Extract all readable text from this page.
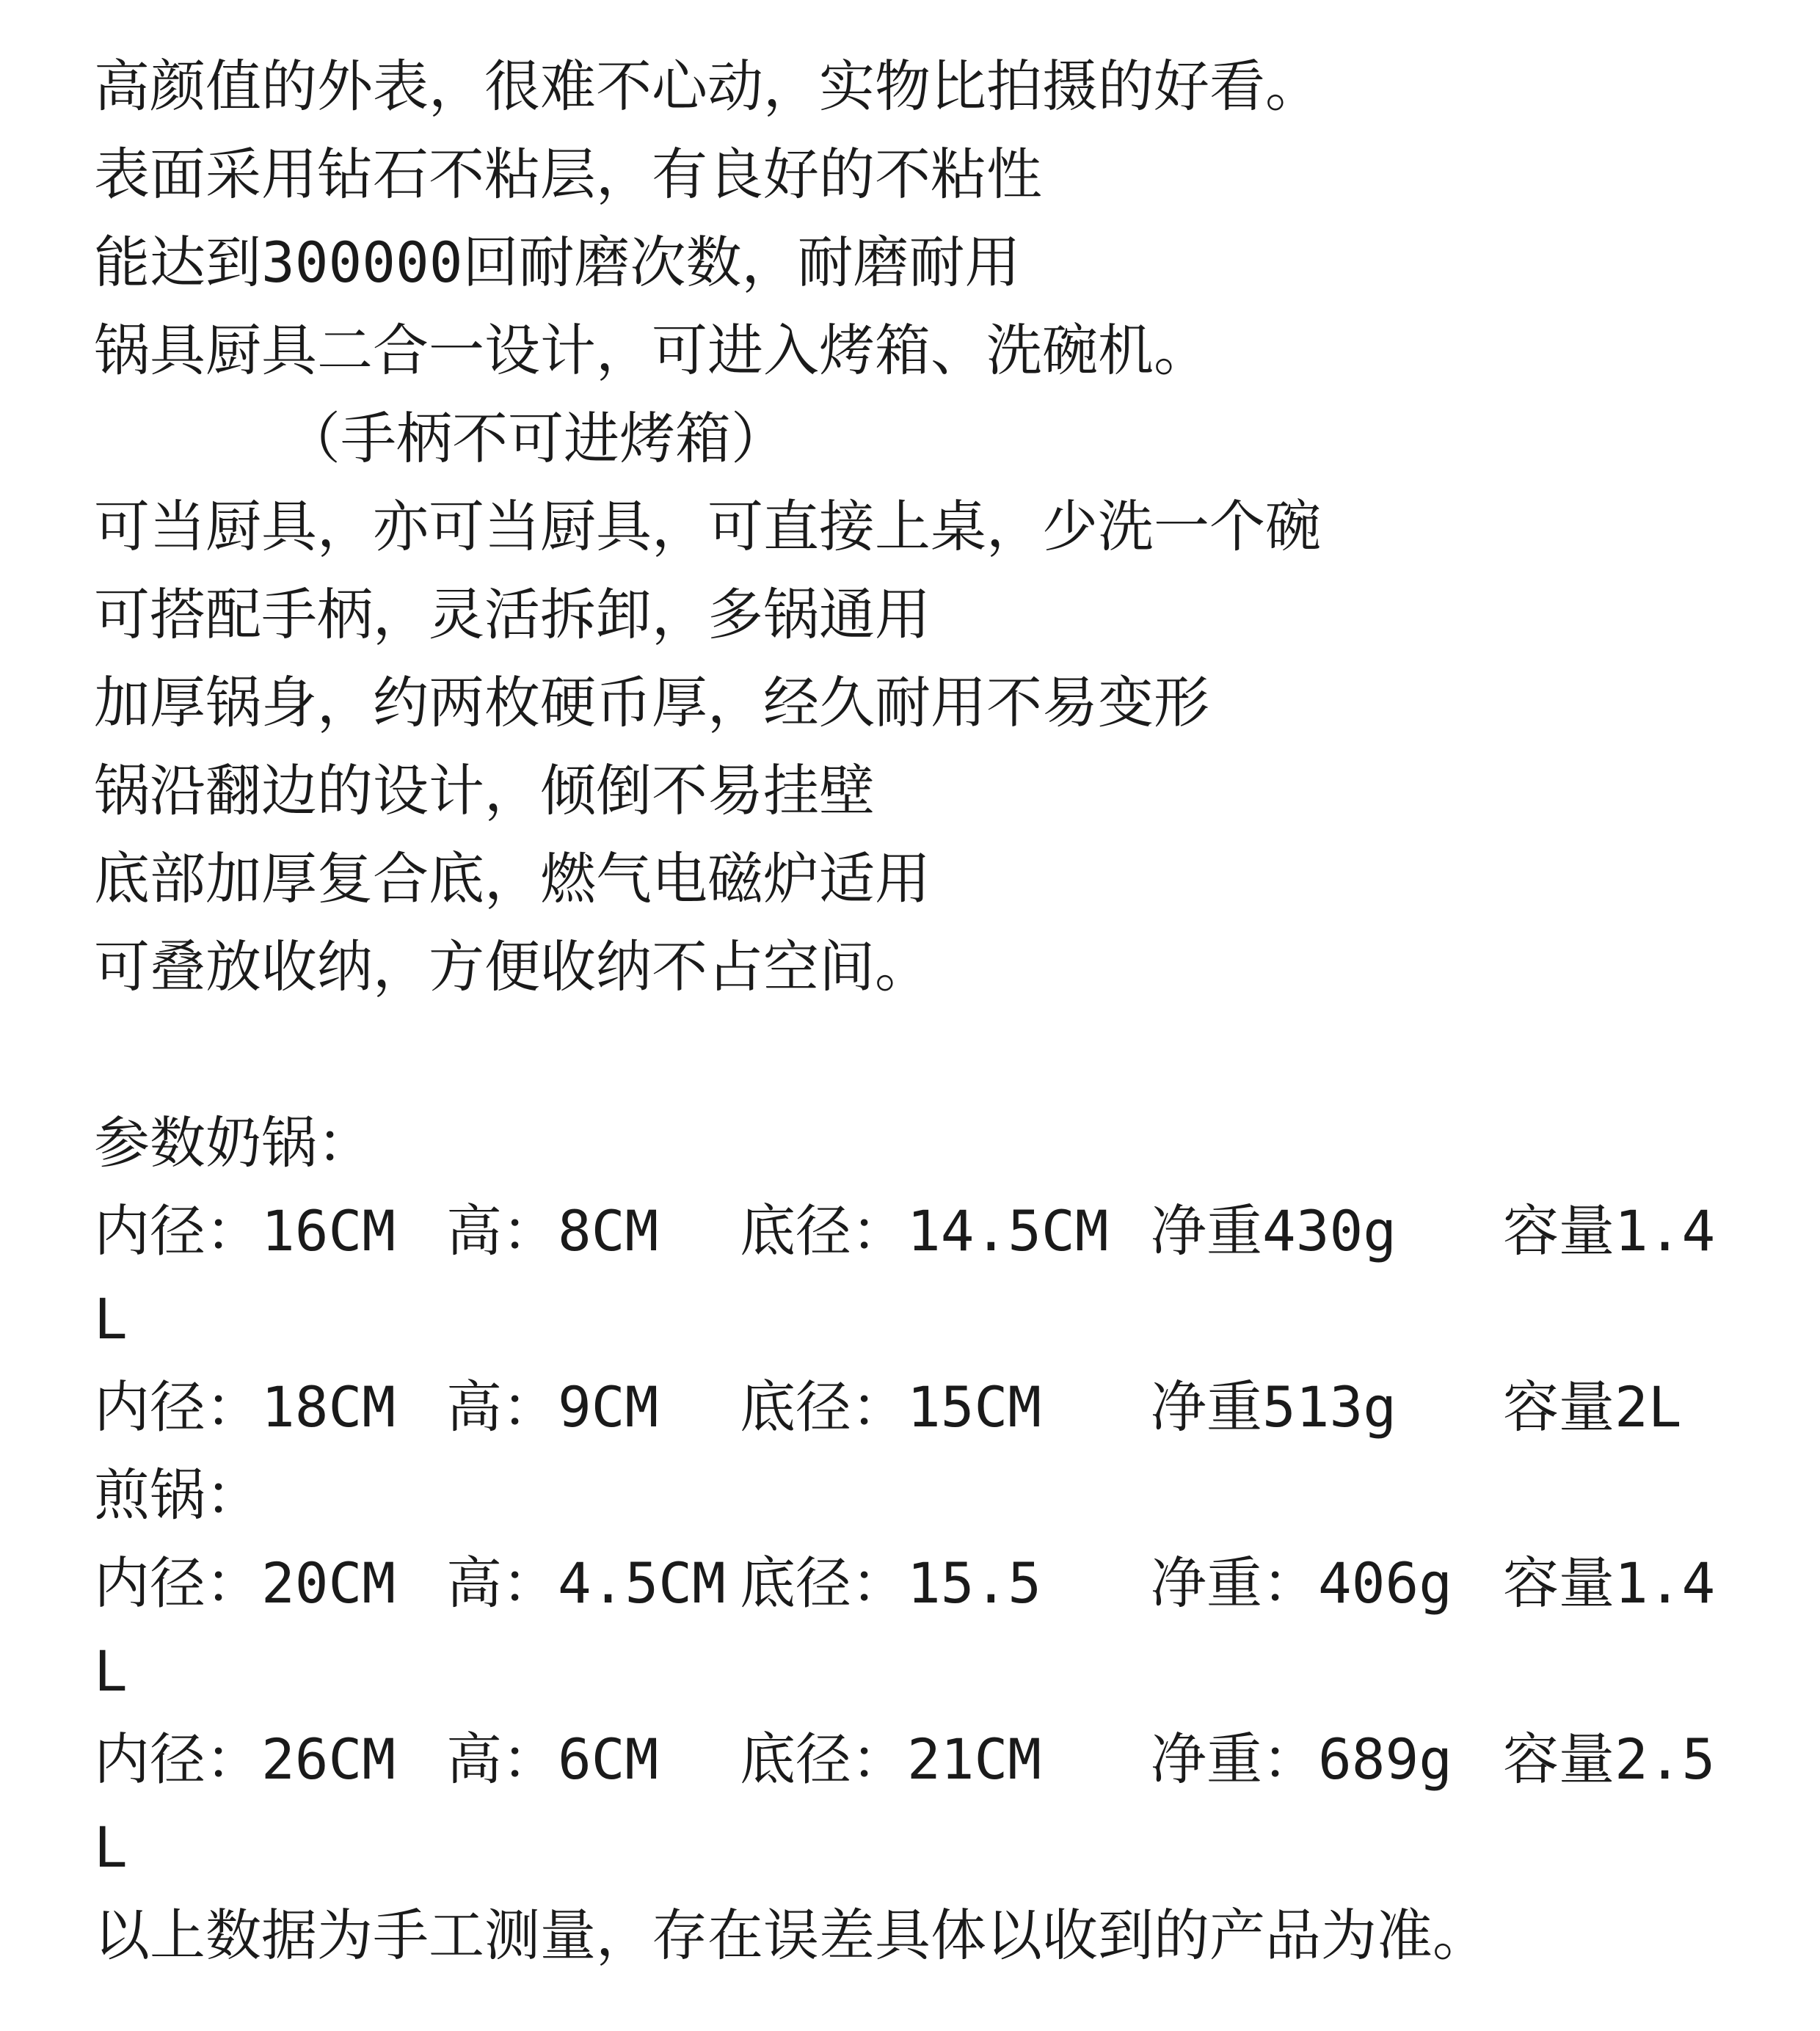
高颜值的外表，很难不心动，实物比拍摄的好看。
表面采用钻石不粘层，有良好的不粘性
能达到300000回耐磨次数，耐磨耐用
锅具厨具二合一设计，可进入烤箱、洗碗机。
（手柄不可进烤箱）
可当厨具，亦可当厨具，可直接上桌，少洗一个碗
可搭配手柄，灵活拆卸，多锅通用
加厚锅身，约两枚硬币厚，经久耐用不易变形
锅沿翻边的设计，倾倒不易挂壁
底部加厚复合底，燃气电磁炉适用
可叠放收纳，方便收纳不占空间。
参数奶锅：
内径：16CM 高：8CM 底径：14.5CM 净重430g 容量1.4
L
内径：18CM 高：9CM 底径：15CM 净重513g 容量2L
煎锅：
内径：20CM 高：4.5CM 底径：15.5 净重：406g 容量1.4
L
内径：26CM 高：6CM 底径：21CM 净重：689g 容量2.5
L
以上数据为手工测量，存在误差具体以收到的产品为准。
